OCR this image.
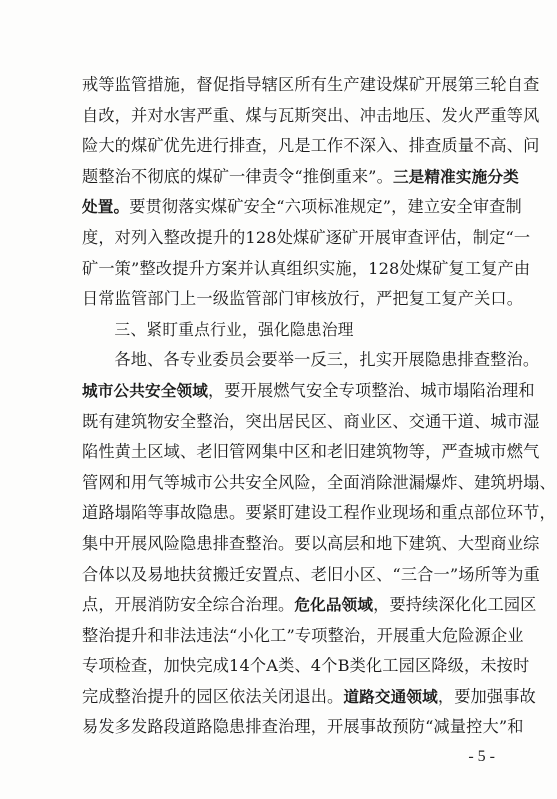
戒等监管措施，督促指导辖区所有生产建设煤矿开展第三轮自查
自改，并对水害严重、煤与瓦斯突出、冲击地压、发火严重等风
险大的煤矿优先进行排查，凡是工作不深入、排查质量不高、问
题整治不彻底的煤矿一律责令“推倒重来”。三是精准实施分类
处置。要贯彻落实煤矿安全“六项标准规定”，建立安全审查制
度，对列入整改提升的128处煤矿逐矿开展审查评估，制定“一
矿一策”整改提升方案并认真组织实施，128处煤矿复工复产由
日常监管部门上一级监管部门审核放行，严把复工复产关口。
三、紧盯重点行业，强化隐患治理
各地、各专业委员会要举一反三，扎实开展隐患排查整治。
城市公共安全领域，要开展燃气安全专项整治、城市塌陷治理和
既有建筑物安全整治，突出居民区、商业区、交通干道、城市湿
陷性黄土区域、老旧管网集中区和老旧建筑物等，严查城市燃气
管网和用气等城市公共安全风险，全面消除泄漏爆炸、建筑坍塌、
道路塌陷等事故隐患。要紧盯建设工程作业现场和重点部位环节，
集中开展风险隐患排查整治。要以高层和地下建筑、大型商业综
合体以及易地扶贫搬迁安置点、老旧小区、“三合一”场所等为重
点，开展消防安全综合治理。危化品领域，要持续深化化工园区
整治提升和非法违法“小化工”专项整治，开展重大危险源企业
专项检查，加快完成14个A类、4个B类化工园区降级，未按时
完成整治提升的园区依法关闭退出。道路交通领域，要加强事故
易发多发路段道路隐患排查治理，开展事故预防“减量控大”和
- 5 -
